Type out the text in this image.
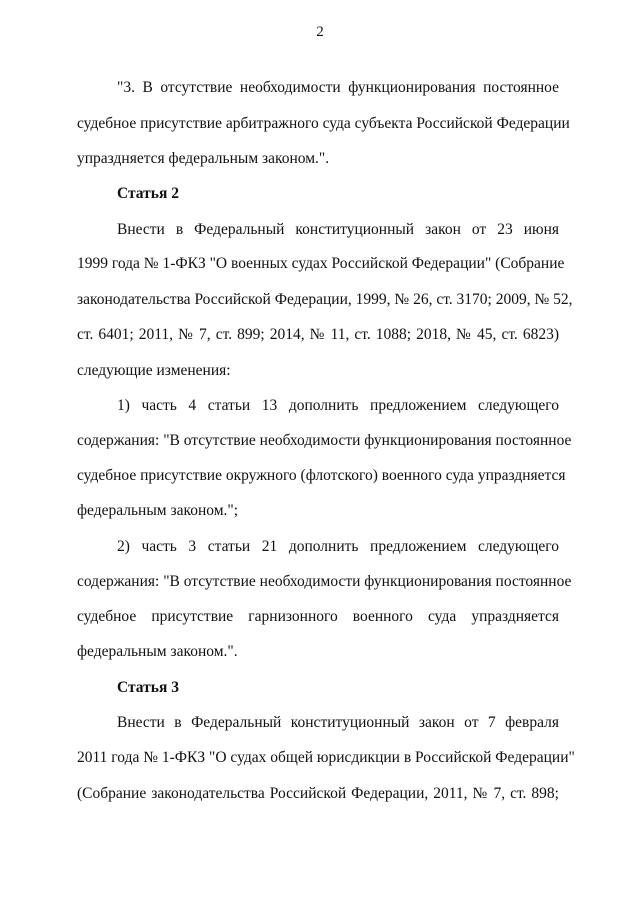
2
"3. В отсутствие необходимости функционирования постоянное
судебное присутствие арбитражного суда субъекта Российской Федерации
упраздняется федеральным законом.".
Статья 2
Внести в Федеральный конституционный закон от 23 июня
1999 года № 1-ФКЗ "О военных судах Российской Федерации" (Собрание
законодательства Российской Федерации, 1999, № 26, ст. 3170; 2009, № 52,
ст. 6401; 2011, № 7, ст. 899; 2014, № 11, ст. 1088; 2018, № 45, ст. 6823)
следующие изменения:
1) часть 4 статьи 13 дополнить предложением следующего
содержания: "В отсутствие необходимости функционирования постоянное
судебное присутствие окружного (флотского) военного суда упраздняется
федеральным законом.";
2) часть 3 статьи 21 дополнить предложением следующего
содержания: "В отсутствие необходимости функционирования постоянное
судебное присутствие гарнизонного военного суда упраздняется
федеральным законом.".
Статья 3
Внести в Федеральный конституционный закон от 7 февраля
2011 года № 1-ФКЗ "О судах общей юрисдикции в Российской Федерации"
(Собрание законодательства Российской Федерации, 2011, № 7, ст. 898;
